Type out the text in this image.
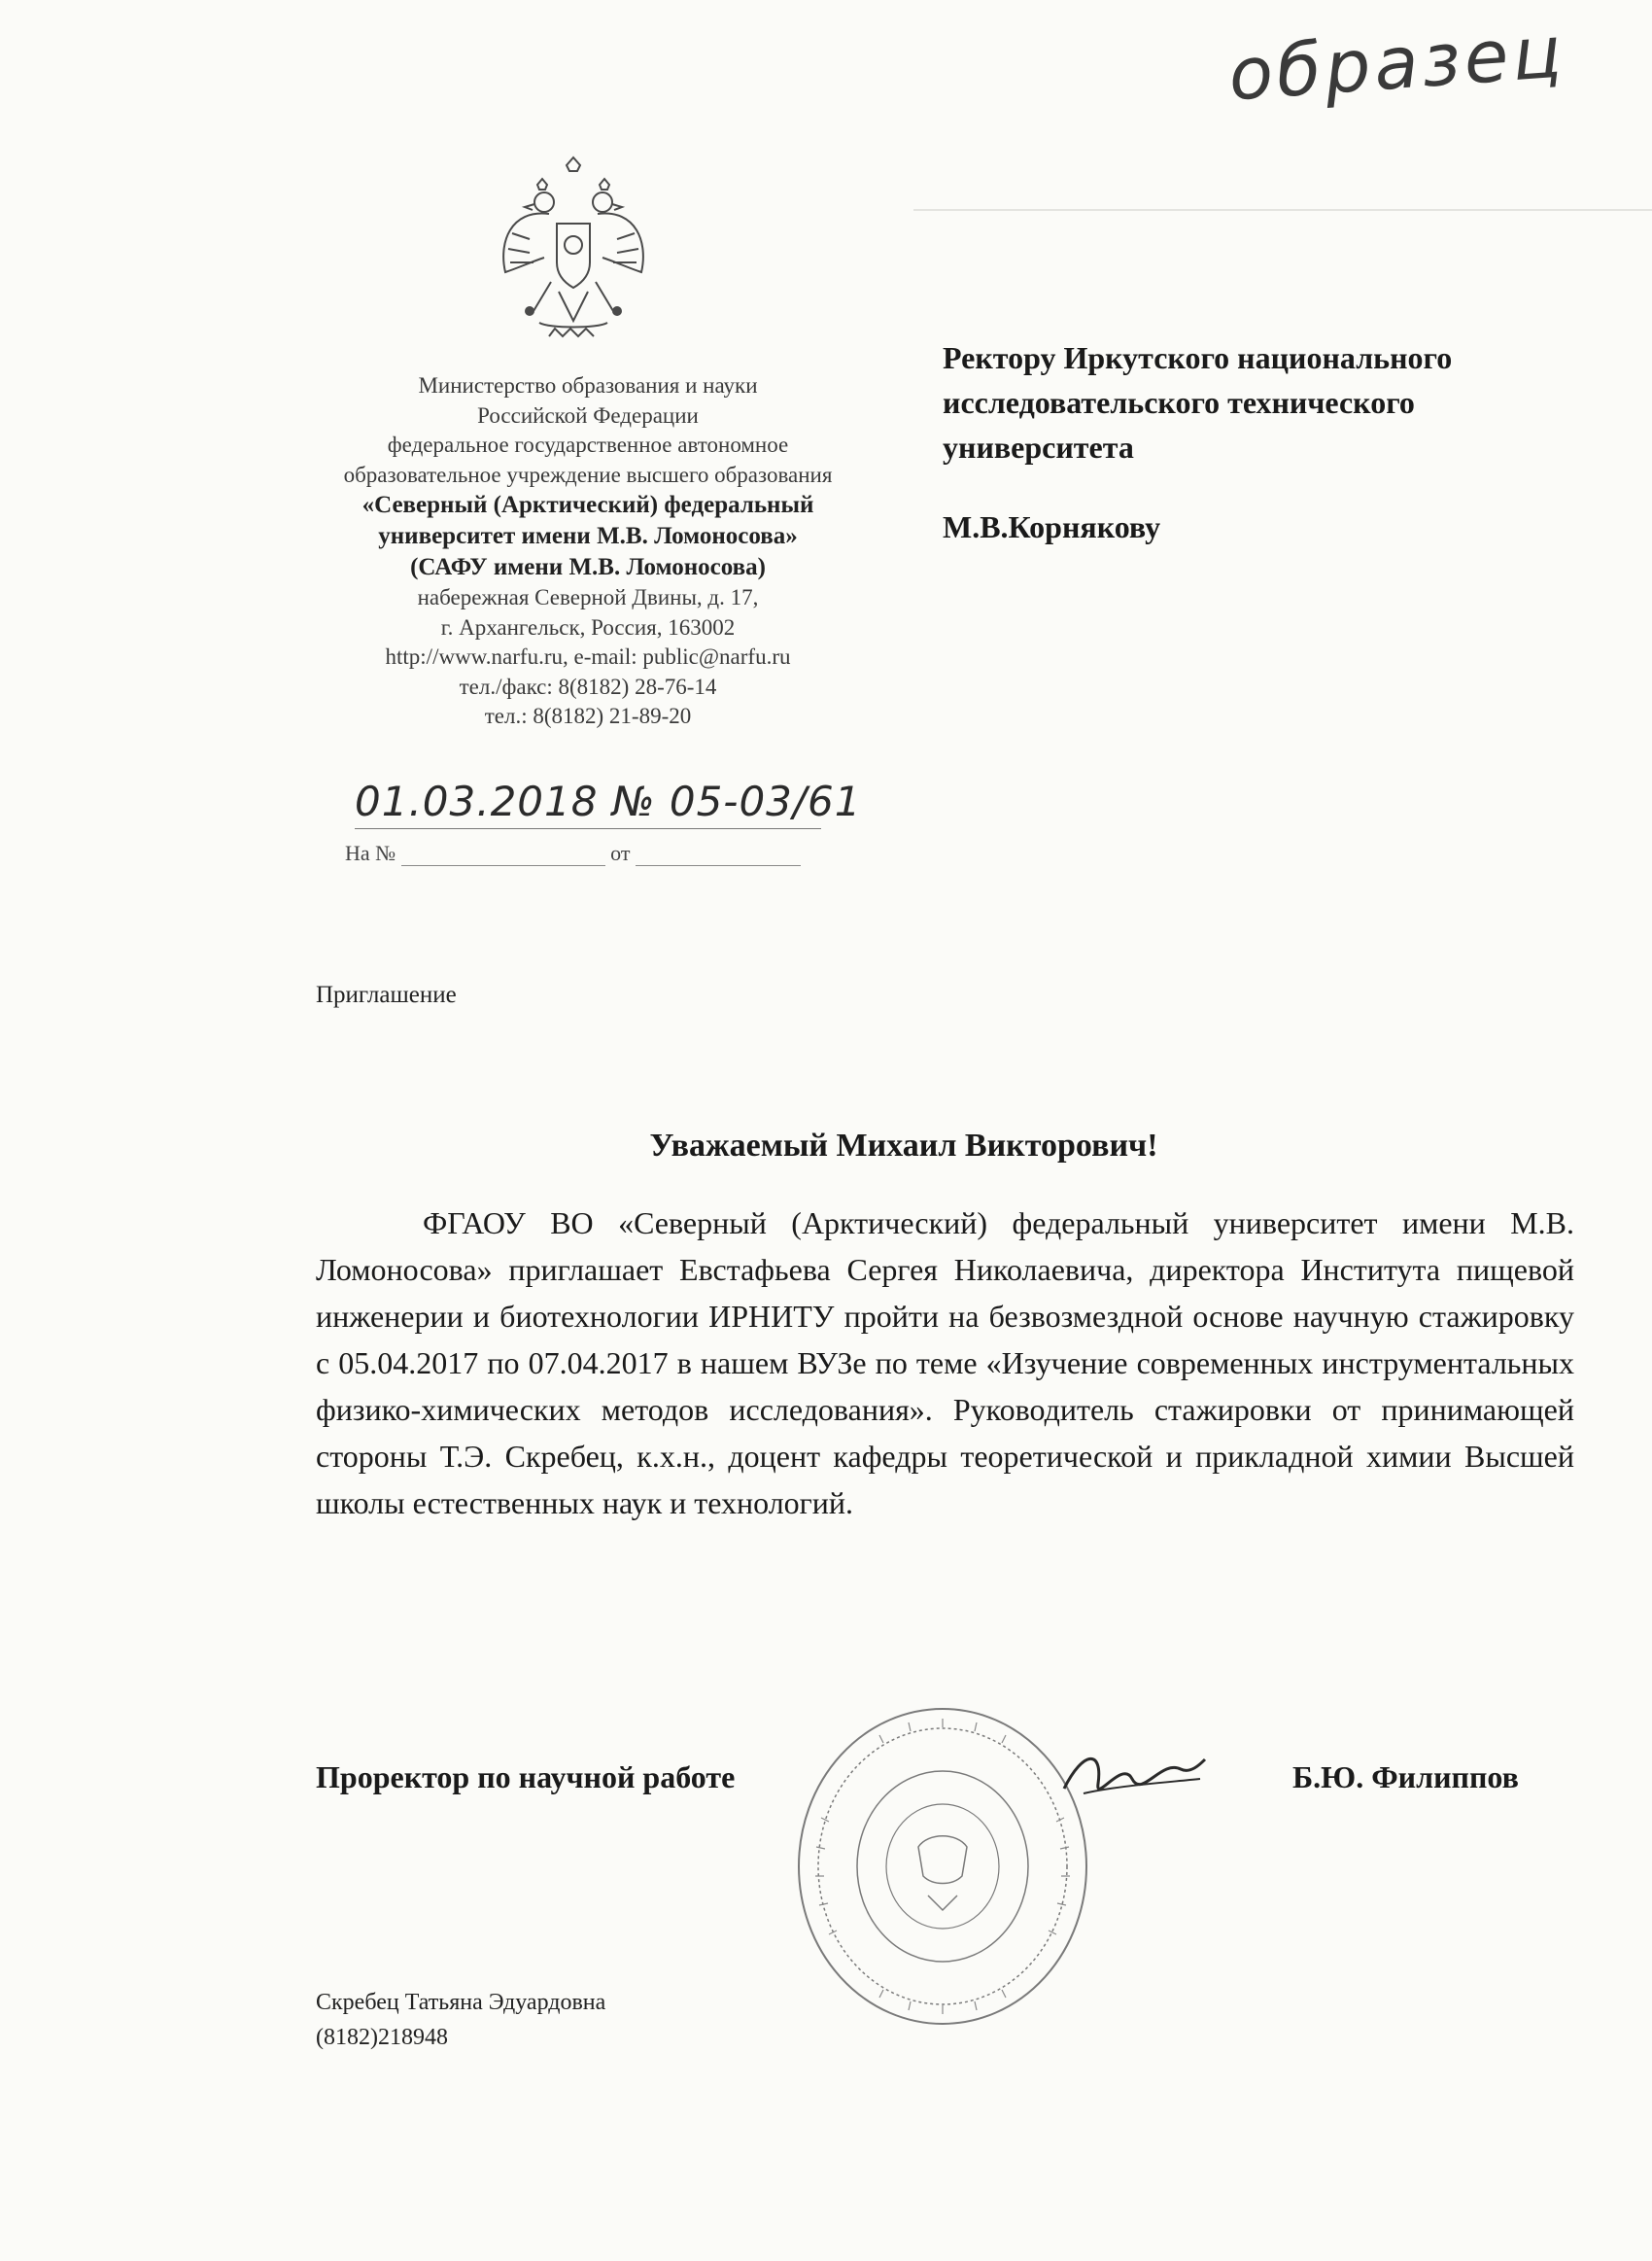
образец
Министерство образования и науки
Российской Федерации
федеральное государственное автономное
образовательное учреждение высшего образования
«Северный (Арктический) федеральный
университет имени М.В. Ломоносова»
(САФУ имени М.В. Ломоносова)
набережная Северной Двины, д. 17,
г. Архангельск, Россия, 163002
http://www.narfu.ru, e-mail: public@narfu.ru
тел./факс: 8(8182) 28-76-14
тел.: 8(8182) 21-89-20
01.03.2018 № 05-03/61
На №	от
Ректору Иркутского национального
исследовательского технического
университета
М.В.Корнякову
Приглашение
Уважаемый Михаил Викторович!
ФГАОУ ВО «Северный (Арктический) федеральный университет имени М.В. Ломоносова» приглашает Евстафьева Сергея Николаевича, директора Института пищевой инженерии и биотехнологии ИРНИТУ пройти на безвозмездной основе научную стажировку с 05.04.2017 по 07.04.2017 в нашем ВУЗе по теме «Изучение современных инструментальных физико-химических методов исследования». Руководитель стажировки от принимающей стороны Т.Э. Скребец, к.х.н., доцент кафедры теоретической и прикладной химии Высшей школы естественных наук и технологий.
Проректор по научной работе	Б.Ю. Филиппов
Скребец Татьяна Эдуардовна
(8182)218948
